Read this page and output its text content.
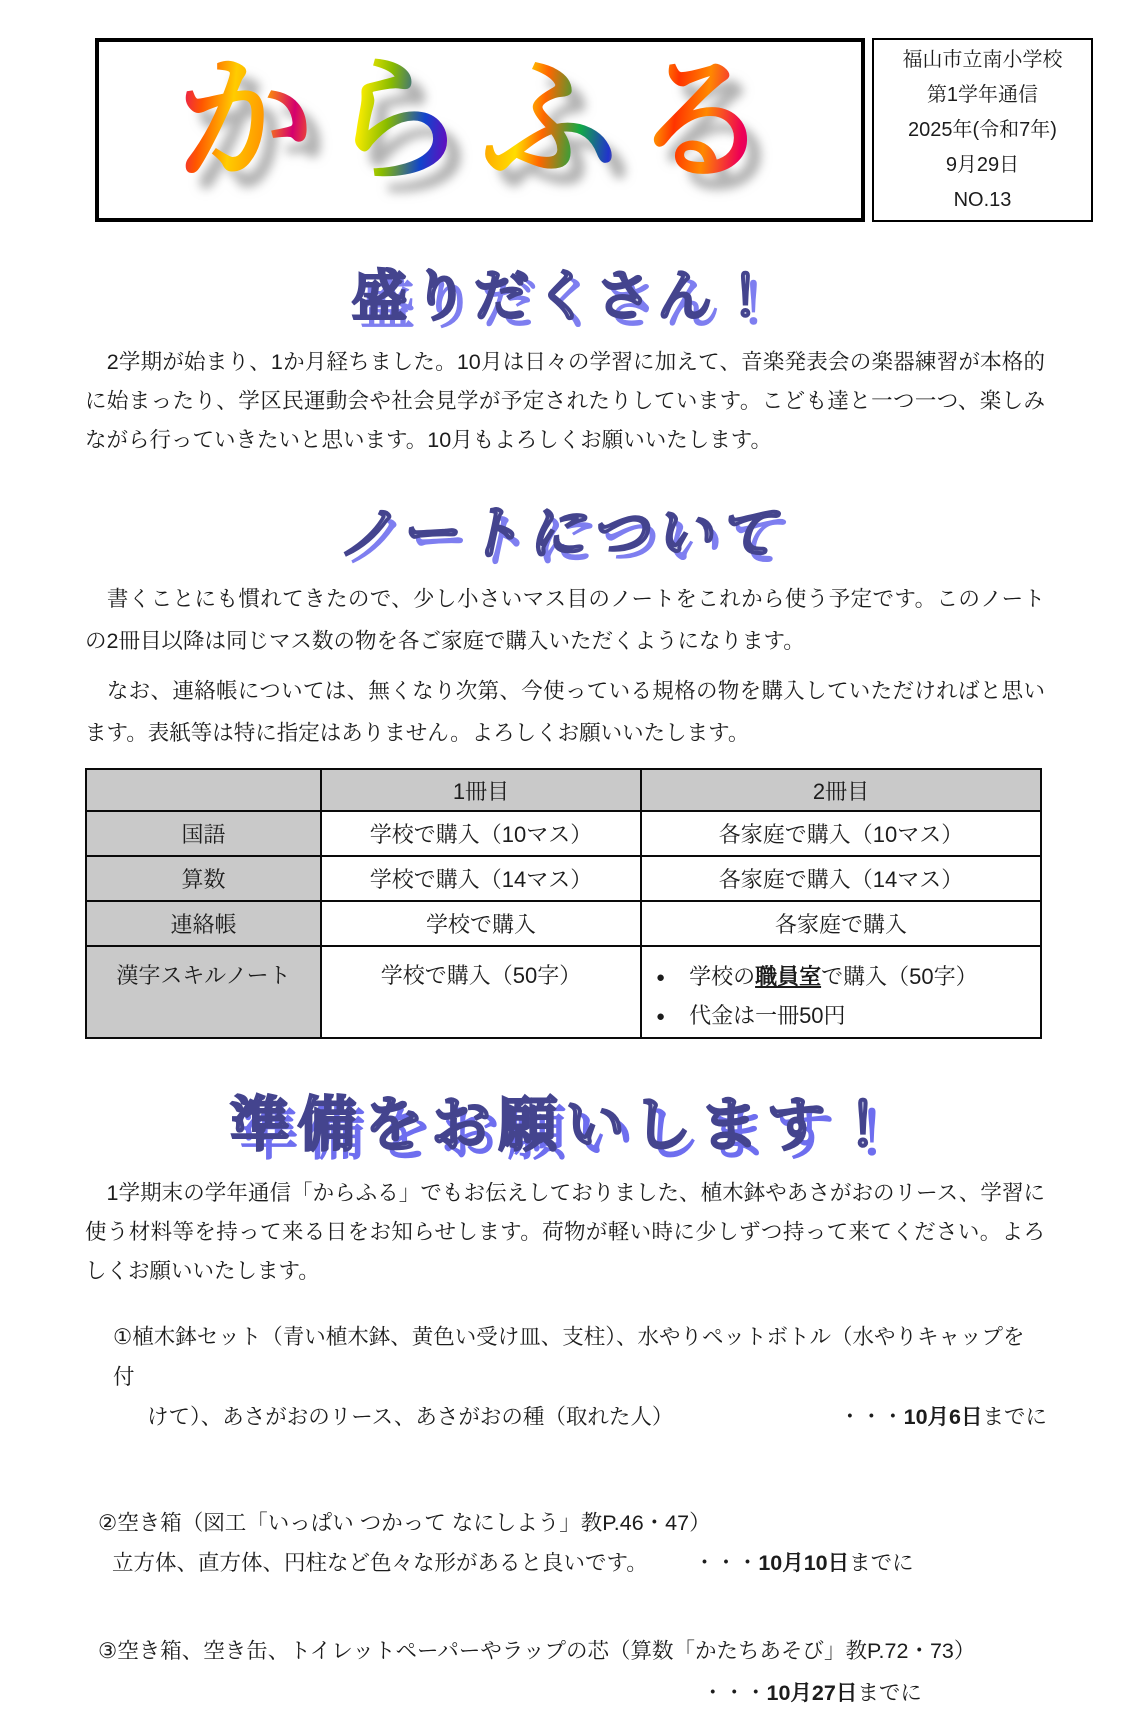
からふる	福山市立南小学校
第1学年通信
2025年(令和7年)
9月29日
NO.13
盛りだくさん！

　2学期が始まり、1か月経ちました。10月は日々の学習に加えて、音楽発表会の楽器練習が本格的に始まったり、学区民運動会や社会見学が予定されたりしています。こども達と一つ一つ、楽しみながら行っていきたいと思います。10月もよろしくお願いいたします。

ノートについて

　書くことにも慣れてきたので、少し小さいマス目のノートをこれから使う予定です。このノートの2冊目以降は同じマス数の物を各ご家庭で購入いただくようになります。

　なお、連絡帳については、無くなり次第、今使っている規格の物を購入していただければと思います。表紙等は特に指定はありません。よろしくお願いいたします。

	1冊目	2冊目
国語	学校で購入（10マス）	各家庭で購入（10マス）
算数	学校で購入（14マス）	各家庭で購入（14マス）
連絡帳	学校で購入	各家庭で購入
漢字スキルノート	学校で購入（50字）	● 学校の職員室で購入（50字）
● 代金は一冊50円
準備をお願いします！

　1学期末の学年通信「からふる」でもお伝えしておりました、植木鉢やあさがおのリース、学習に使う材料等を持って来る日をお知らせします。荷物が軽い時に少しずつ持って来てください。よろしくお願いいたします。

①植木鉢セット（青い植木鉢、黄色い受け皿、支柱）、水やりペットボトル（水やりキャップを付

けて）、あさがおのリース、あさがおの種（取れた人）	・・・10月6日までに

②空き箱（図工「いっぱい つかって なにしよう」教P.46・47）

立方体、直方体、円柱など色々な形があると良いです。 ・・・10月10日までに

③空き箱、空き缶、トイレットペーパーやラップの芯（算数「かたちあそび」教P.72・73）

・・・10月27日までに
